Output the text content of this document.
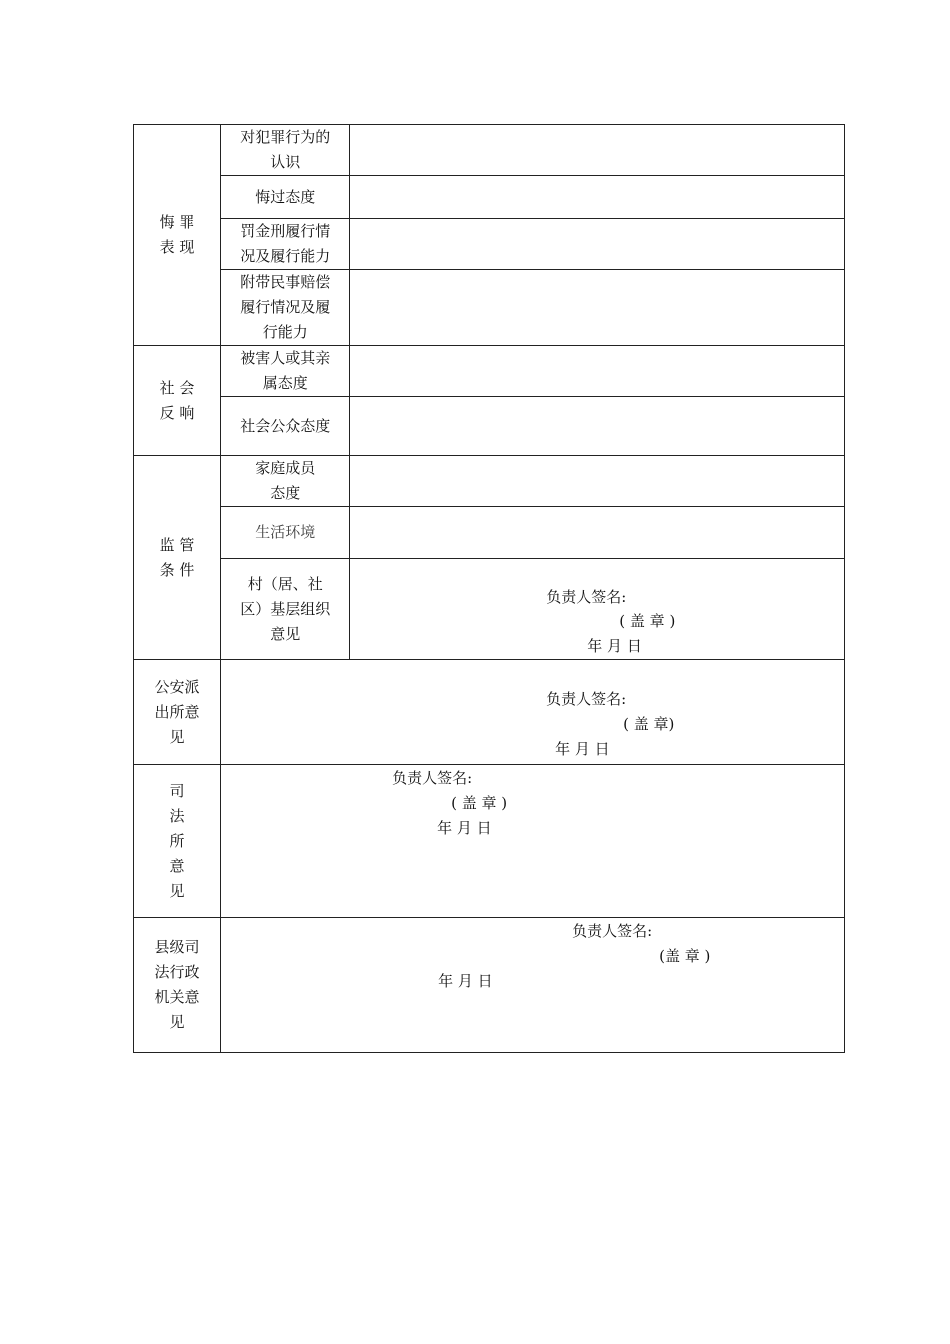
悔 罪
表 现	对犯罪行为的
认识	

	悔过态度	

	罚金刑履行情
况及履行能力	

	附带民事赔偿
履行情况及履
行能力	

社 会
反 响	被害人或其亲
属态度	

	社会公众态度	

监 管
条 件	家庭成员
态度	

	生活环境	

	村（居、社
区）基层组织
意见	负责人签名:
( 盖 章 )
年 月 日

公安派
出所意
见	负责人签名:
( 盖 章)
年 月 日	

司
法
所
意
见	负责人签名:
( 盖 章 )
年 月 日	

县级司
法行政
机关意
见	负责人签名:
(盖 章 )
年 月 日	
